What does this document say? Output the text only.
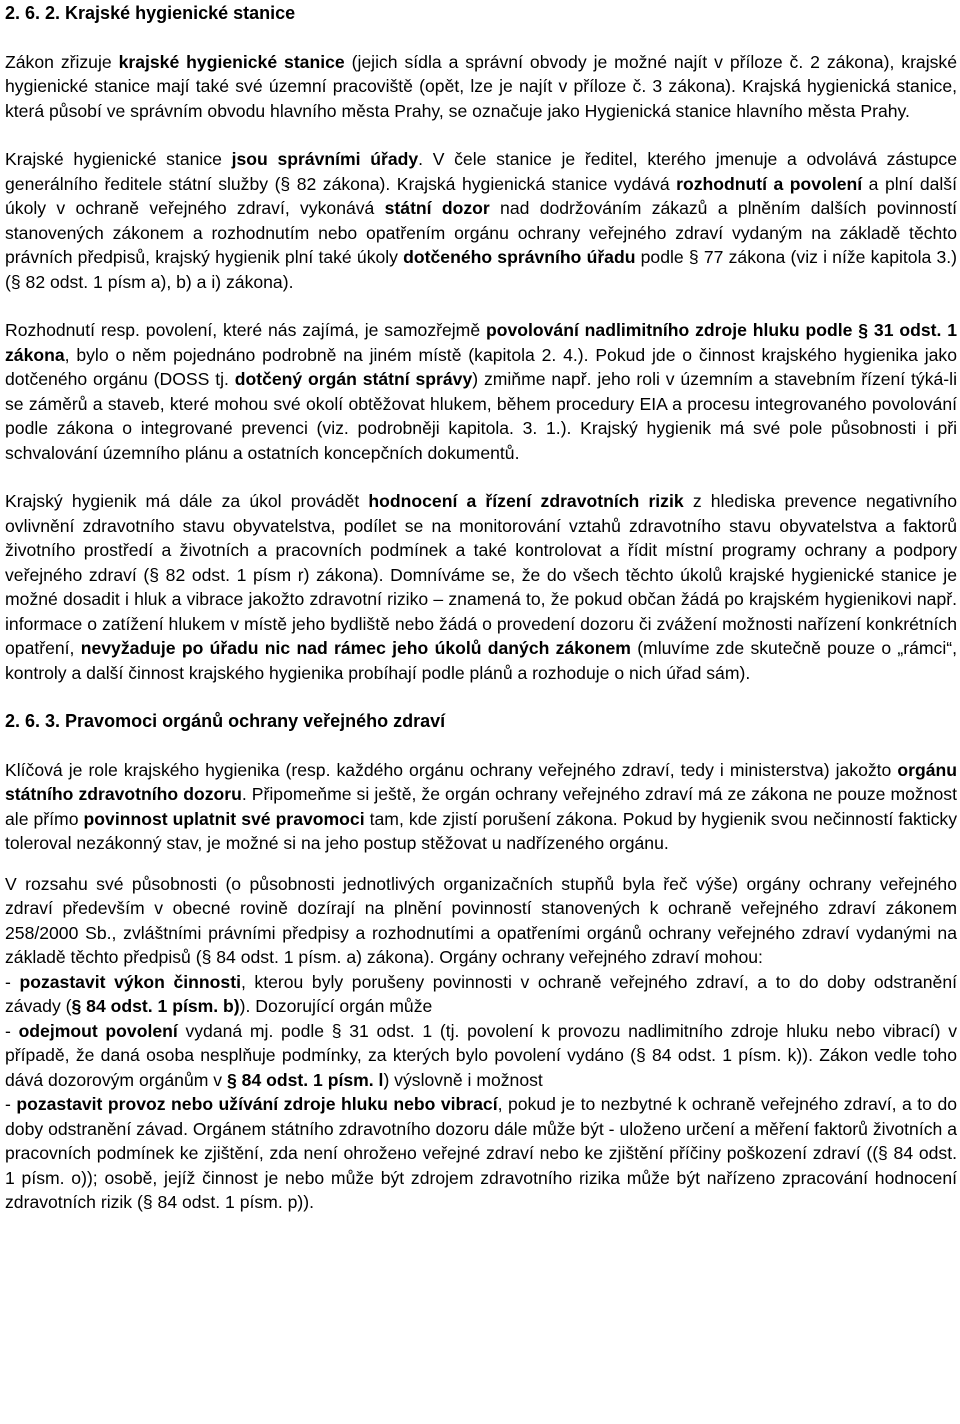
2. 6. 2. Krajské hygienické stanice

Zákon zřizuje krajské hygienické stanice (jejich sídla a správní obvody je možné najít v příloze č. 2 zákona), krajské hygienické stanice mají také své územní pracoviště (opět, lze je najít v příloze č. 3 zákona). Krajská hygienická stanice, která působí ve správním obvodu hlavního města Prahy, se označuje jako Hygienická stanice hlavního města Prahy.

Krajské hygienické stanice jsou správními úřady. V čele stanice je ředitel, kterého jmenuje a odvolává zástupce generálního ředitele státní služby (§ 82 zákona). Krajská hygienická stanice vydává rozhodnutí a povolení a plní další úkoly v ochraně veřejného zdraví, vykonává státní dozor nad dodržováním zákazů a plněním dalších povinností stanovených zákonem a rozhodnutím nebo opatřením orgánu ochrany veřejného zdraví vydaným na základě těchto právních předpisů, krajský hygienik plní také úkoly dotčeného správního úřadu podle § 77 zákona (viz i níže kapitola 3.) (§ 82 odst. 1 písm a), b) a i) zákona).

Rozhodnutí resp. povolení, které nás zajímá, je samozřejmě povolování nadlimitního zdroje hluku podle § 31 odst. 1 zákona, bylo o něm pojednáno podrobně na jiném místě (kapitola 2. 4.). Pokud jde o činnost krajského hygienika jako dotčeného orgánu (DOSS tj. dotčený orgán státní správy) zmiňme např. jeho roli v územním a stavebním řízení týká-li se záměrů a staveb, které mohou své okolí obtěžovat hlukem, během procedury EIA a procesu integrovaného povolování podle zákona o integrované prevenci (viz. podrobněji kapitola. 3. 1.). Krajský hygienik má své pole působnosti i při schvalování územního plánu a ostatních koncepčních dokumentů.

Krajský hygienik má dále za úkol provádět hodnocení a řízení zdravotních rizik z hlediska prevence negativního ovlivnění zdravotního stavu obyvatelstva, podílet se na monitorování vztahů zdravotního stavu obyvatelstva a faktorů životního prostředí a životních a pracovních podmínek a také kontrolovat a řídit místní programy ochrany a podpory veřejného zdraví (§ 82 odst. 1 písm r) zákona). Domníváme se, že do všech těchto úkolů krajské hygienické stanice je možné dosadit i hluk a vibrace jakožto zdravotní riziko – znamená to, že pokud občan žádá po krajském hygienikovi např. informace o zatížení hlukem v místě jeho bydliště nebo žádá o provedení dozoru či zvážení možnosti nařízení konkrétních opatření, nevyžaduje po úřadu nic nad rámec jeho úkolů daných zákonem (mluvíme zde skutečně pouze o „rámci“, kontroly a další činnost krajského hygienika probíhají podle plánů a rozhoduje o nich úřad sám).

2. 6. 3. Pravomoci orgánů ochrany veřejného zdraví

Klíčová je role krajského hygienika (resp. každého orgánu ochrany veřejného zdraví, tedy i ministerstva) jakožto orgánu státního zdravotního dozoru. Připomeňme si ještě, že orgán ochrany veřejného zdraví má ze zákona ne pouze možnost ale přímo povinnost uplatnit své pravomoci tam, kde zjistí porušení zákona. Pokud by hygienik svou nečinností fakticky toleroval nezákonný stav, je možné si na jeho postup stěžovat u nadřízeného orgánu.

V rozsahu své působnosti (o působnosti jednotlivých organizačních stupňů byla řeč výše) orgány ochrany veřejného zdraví především v obecné rovině dozírají na plnění povinností stanovených k ochraně veřejného zdraví zákonem 258/2000 Sb., zvláštními právními předpisy a rozhodnutími a opatřeními orgánů ochrany veřejného zdraví vydanými na základě těchto předpisů (§ 84 odst. 1 písm. a) zákona). Orgány ochrany veřejného zdraví mohou:

- pozastavit výkon činnosti, kterou byly porušeny povinnosti v ochraně veřejného zdraví, a to do doby odstranění závady (§ 84 odst. 1 písm. b)). Dozorující orgán může

- odejmout povolení vydaná mj. podle § 31 odst. 1 (tj. povolení k provozu nadlimitního zdroje hluku nebo vibrací) v případě, že daná osoba nesplňuje podmínky, za kterých bylo povolení vydáno (§ 84 odst. 1 písm. k)). Zákon vedle toho dává dozorovým orgánům v § 84 odst. 1 písm. l) výslovně i možnost

- pozastavit provoz nebo užívání zdroje hluku nebo vibrací, pokud je to nezbytné k ochraně veřejného zdraví, a to do doby odstranění závad. Orgánem státního zdravotního dozoru dále může být - uloženo určení a měření faktorů životních a pracovních podmínek ke zjištění, zda není ohrožено veřejné zdraví nebo ke zjištění příčiny poškození zdraví ((§ 84 odst. 1 písm. o)); osobě, jejíž činnost je nebo může být zdrojem zdravotního rizika může být nařízeno zpracování hodnocení zdravotních rizik (§ 84 odst. 1 písm. p)).
